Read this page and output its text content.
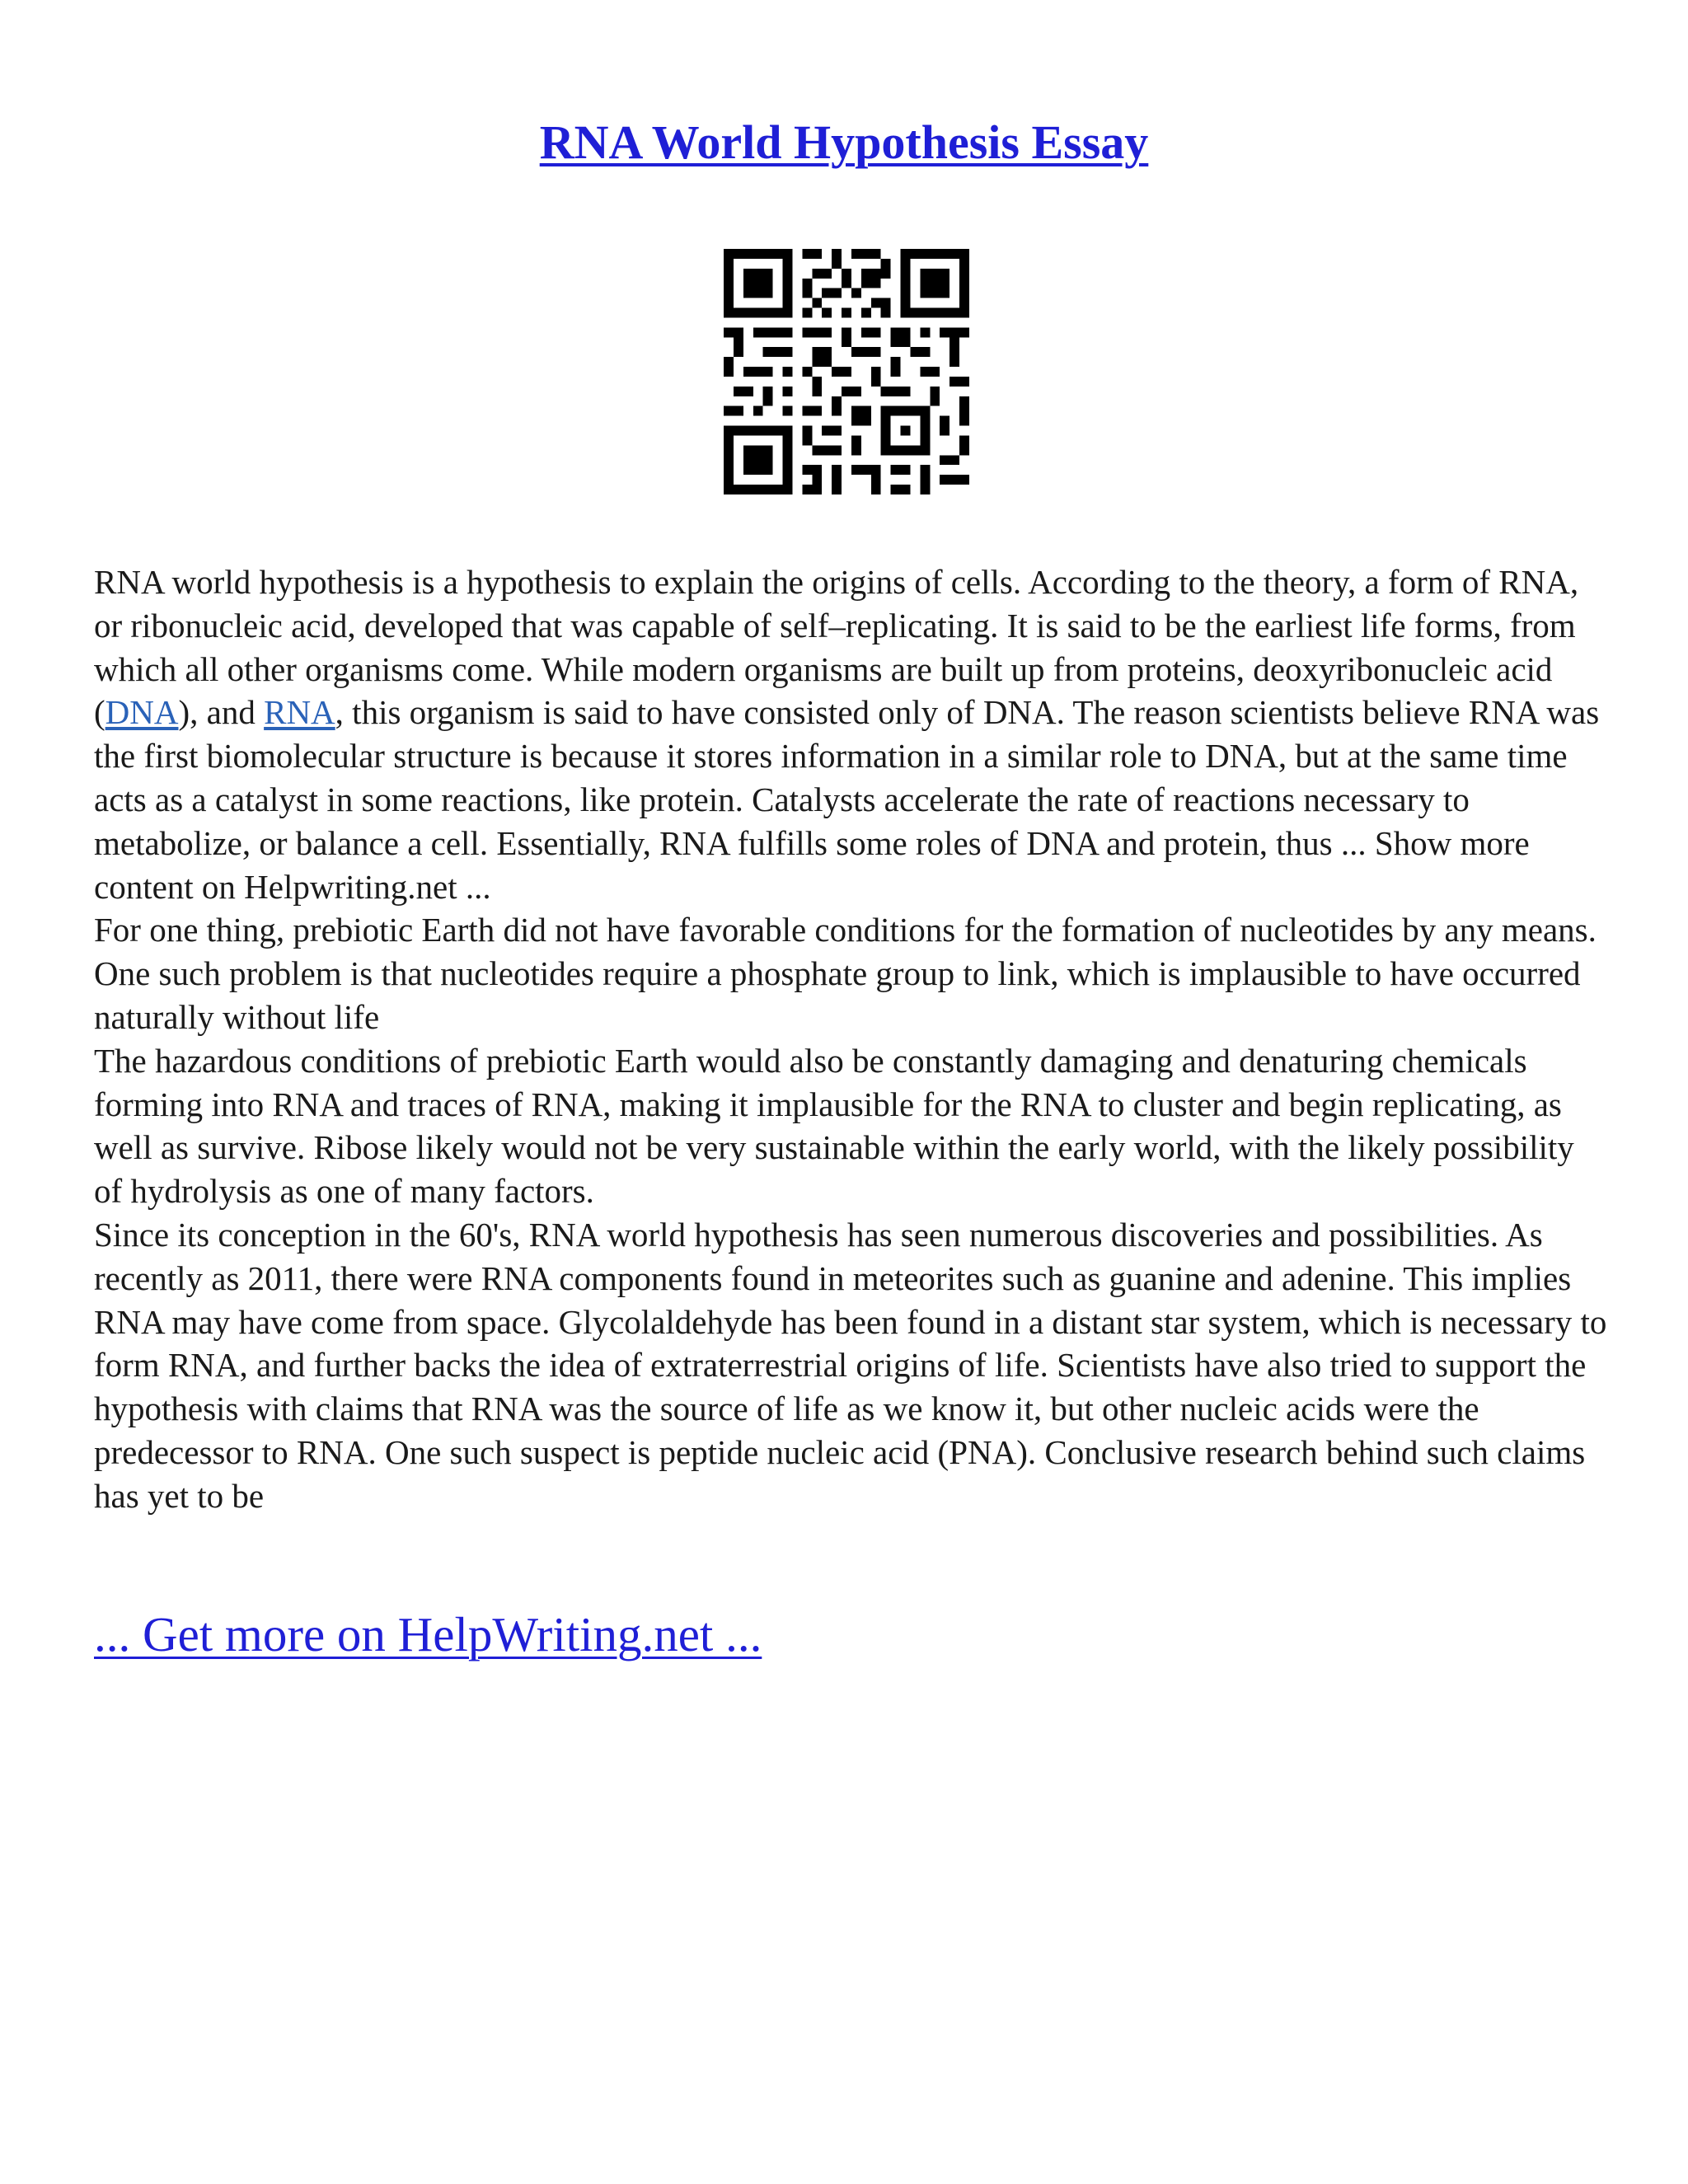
RNA World Hypothesis Essay

RNA world hypothesis is a hypothesis to explain the origins of cells. According to the theory, a form of RNA, or ribonucleic acid, developed that was capable of self–replicating. It is said to be the earliest life forms, from which all other organisms come. While modern organisms are built up from proteins, deoxyribonucleic acid (DNA), and RNA, this organism is said to have consisted only of DNA. The reason scientists believe RNA was the first biomolecular structure is because it stores information in a similar role to DNA, but at the same time acts as a catalyst in some reactions, like protein. Catalysts accelerate the rate of reactions necessary to metabolize, or balance a cell. Essentially, RNA fulfills some roles of DNA and protein, thus ... Show more content on Helpwriting.net ...

For one thing, prebiotic Earth did not have favorable conditions for the formation of nucleotides by any means. One such problem is that nucleotides require a phosphate group to link, which is implausible to have occurred naturally without life

The hazardous conditions of prebiotic Earth would also be constantly damaging and denaturing chemicals forming into RNA and traces of RNA, making it implausible for the RNA to cluster and begin replicating, as well as survive. Ribose likely would not be very sustainable within the early world, with the likely possibility of hydrolysis as one of many factors.

Since its conception in the 60's, RNA world hypothesis has seen numerous discoveries and possibilities. As recently as 2011, there were RNA components found in meteorites such as guanine and adenine. This implies RNA may have come from space. Glycolaldehyde has been found in a distant star system, which is necessary to form RNA, and further backs the idea of extraterrestrial origins of life. Scientists have also tried to support the hypothesis with claims that RNA was the source of life as we know it, but other nucleic acids were the predecessor to RNA. One such suspect is peptide nucleic acid (PNA). Conclusive research behind such claims has yet to be

... Get more on HelpWriting.net ...
